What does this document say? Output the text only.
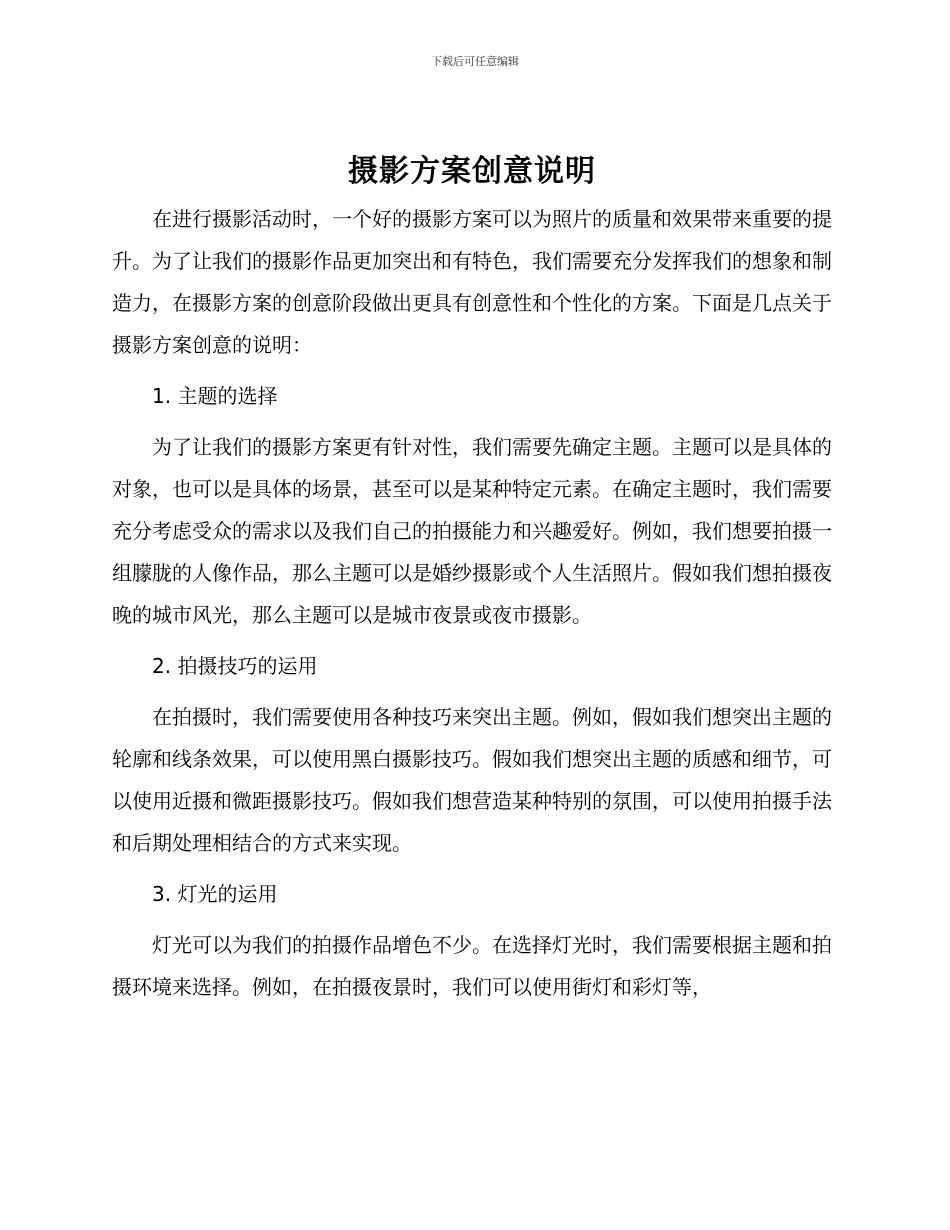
下载后可任意编辑
摄影方案创意说明

在进行摄影活动时，一个好的摄影方案可以为照片的质量和效果带来重要的提升。为了让我们的摄影作品更加突出和有特色，我们需要充分发挥我们的想象和制造力，在摄影方案的创意阶段做出更具有创意性和个性化的方案。下面是几点关于摄影方案创意的说明：

1. 主题的选择

为了让我们的摄影方案更有针对性，我们需要先确定主题。主题可以是具体的对象，也可以是具体的场景，甚至可以是某种特定元素。在确定主题时，我们需要充分考虑受众的需求以及我们自己的拍摄能力和兴趣爱好。例如，我们想要拍摄一组朦胧的人像作品，那么主题可以是婚纱摄影或个人生活照片。假如我们想拍摄夜晚的城市风光，那么主题可以是城市夜景或夜市摄影。

2. 拍摄技巧的运用

在拍摄时，我们需要使用各种技巧来突出主题。例如，假如我们想突出主题的轮廓和线条效果，可以使用黑白摄影技巧。假如我们想突出主题的质感和细节，可以使用近摄和微距摄影技巧。假如我们想营造某种特别的氛围，可以使用拍摄手法和后期处理相结合的方式来实现。

3. 灯光的运用

灯光可以为我们的拍摄作品增色不少。在选择灯光时，我们需要根据主题和拍摄环境来选择。例如，在拍摄夜景时，我们可以使用街灯和彩灯等，
